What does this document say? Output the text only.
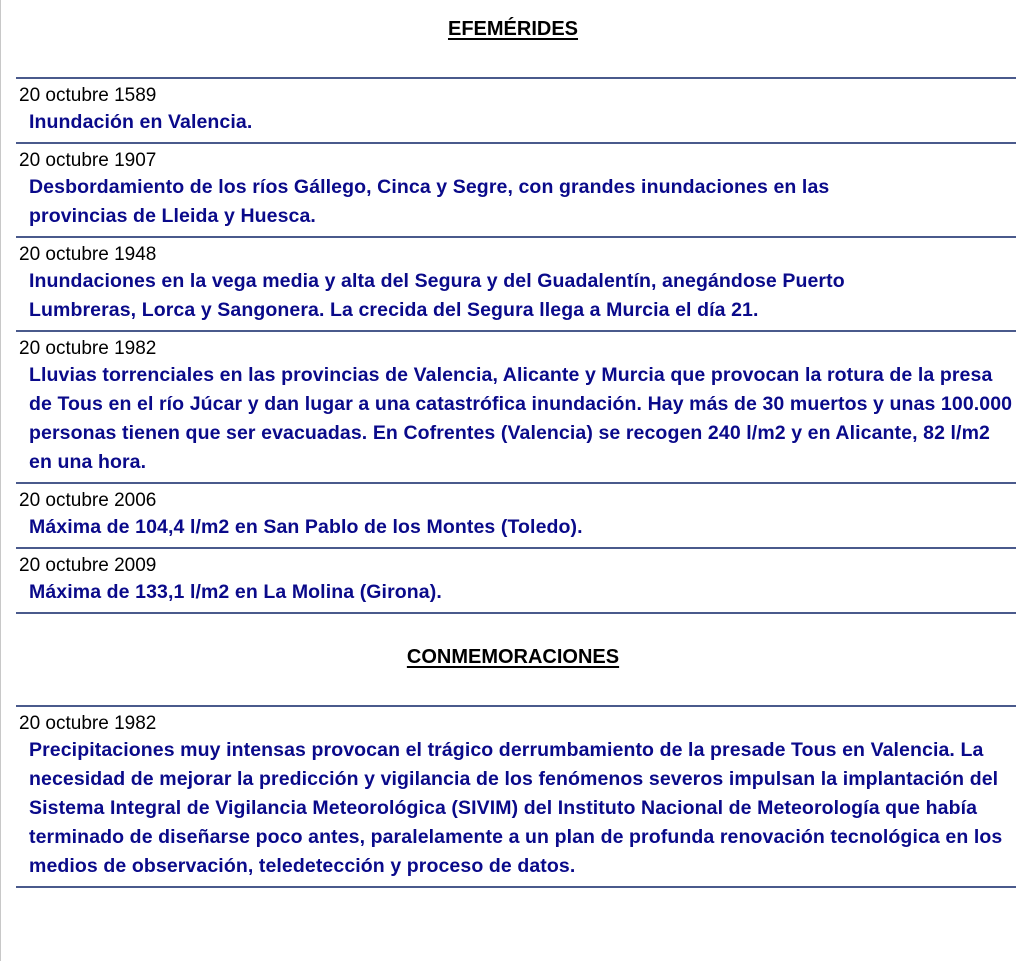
EFEMÉRIDES
20 octubre 1589
Inundación en Valencia.
20 octubre 1907
Desbordamiento de los ríos Gállego, Cinca y Segre, con grandes inundaciones en las provincias de Lleida y Huesca.
20 octubre 1948
Inundaciones en la vega media y alta del Segura y del Guadalentín, anegándose Puerto Lumbreras, Lorca y Sangonera. La crecida del Segura llega a Murcia el día 21.
20 octubre 1982
Lluvias torrenciales en las provincias de Valencia, Alicante y Murcia que provocan la rotura de la presa de Tous en el río Júcar y dan lugar a una catastrófica inundación. Hay más de 30 muertos y unas 100.000 personas tienen que ser evacuadas. En Cofrentes (Valencia) se recogen 240 l/m2 y en Alicante, 82 l/m2 en una hora.
20 octubre 2006
Máxima de 104,4 l/m2 en San Pablo de los Montes (Toledo).
20 octubre 2009
Máxima de 133,1 l/m2 en La Molina (Girona).
CONMEMORACIONES
20 octubre 1982
Precipitaciones muy intensas provocan el trágico derrumbamiento de la presade Tous en Valencia. La necesidad de mejorar la predicción y vigilancia de los fenómenos severos impulsan la implantación del Sistema Integral de Vigilancia Meteorológica (SIVIM) del Instituto Nacional de Meteorología que había terminado de diseñarse poco antes, paralelamente a un plan de profunda renovación tecnológica en los medios de observación, teledetección y proceso de datos.
